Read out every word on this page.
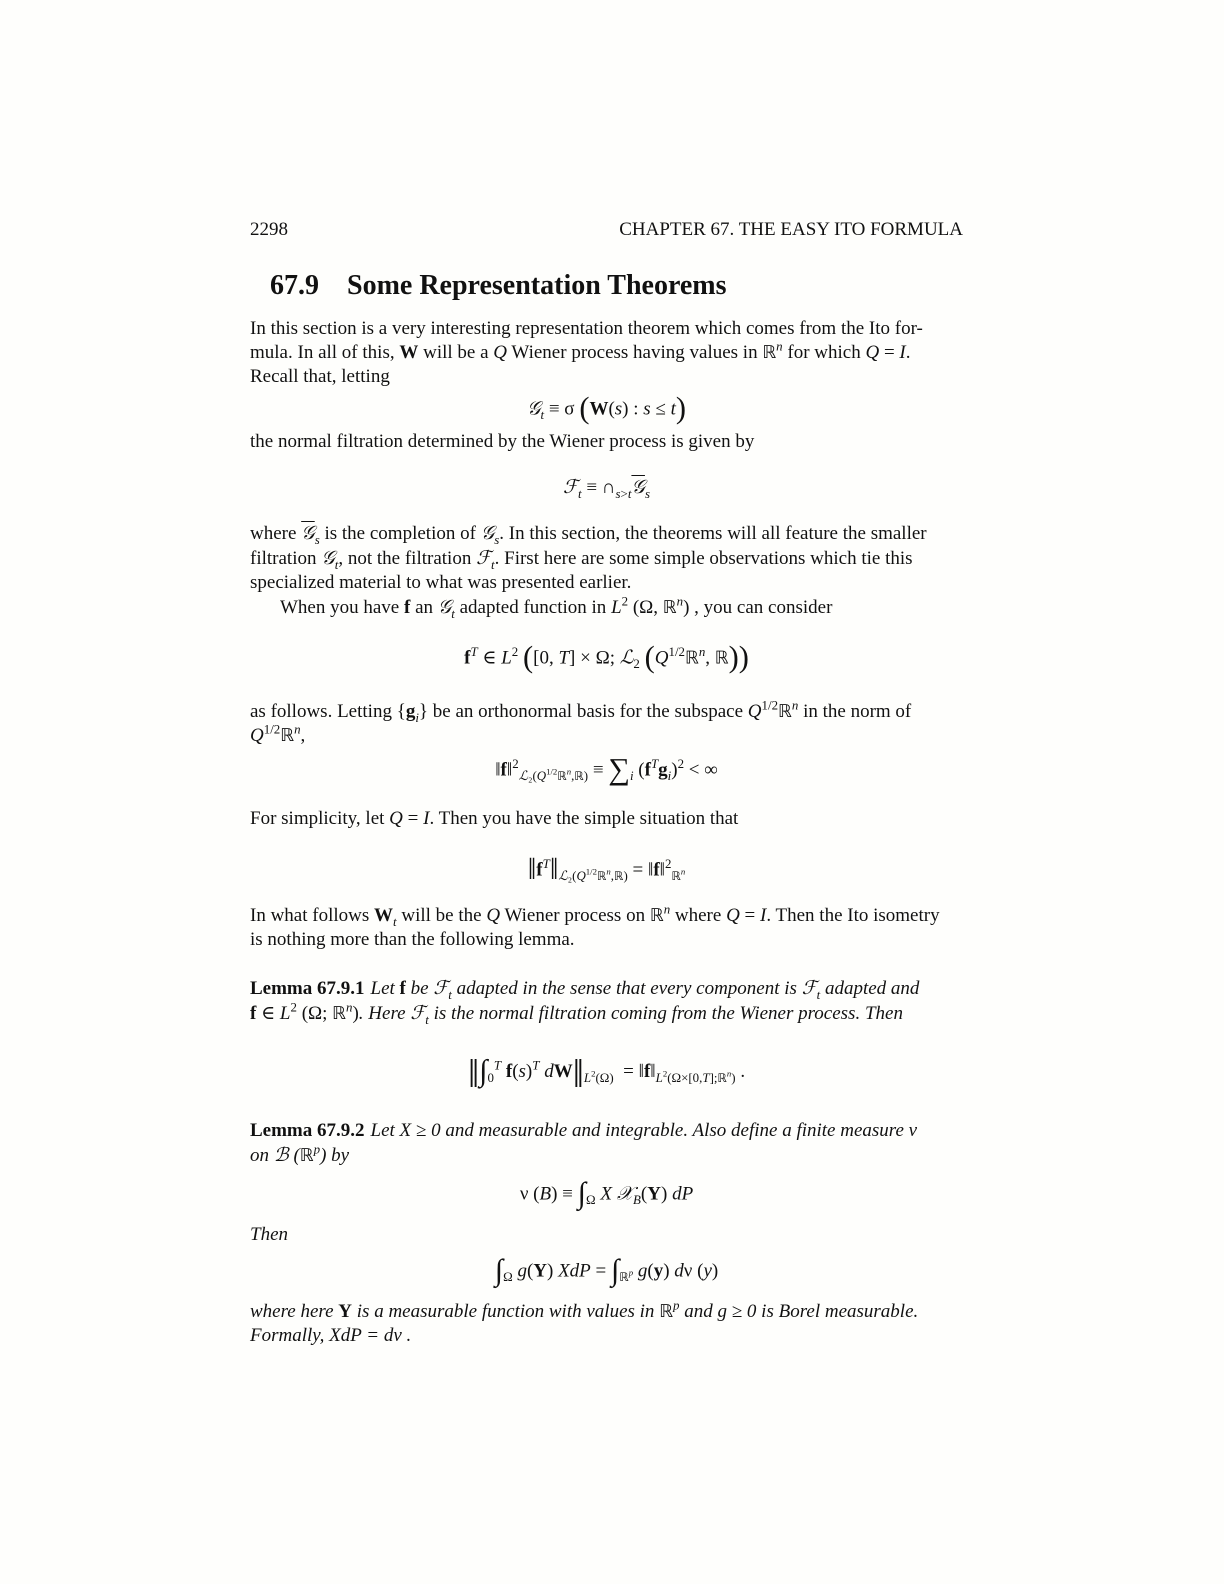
2298	CHAPTER 67. THE EASY ITO FORMULA
67.9 Some Representation Theorems
In this section is a very interesting representation theorem which comes from the Ito for-
mula. In all of this, W will be a Q Wiener process having values in ℝ$^n$ for which Q = I.
Recall that, letting
𝒢$_t$ ≡ σ (W(s) : s ≤ t)
the normal filtration determined by the Wiener process is given by
ℱ$_t$ ≡ $\cap_{s>t}𝒢_s$
where 𝒢$_s$ is the completion of 𝒢$_s$. In this section, the theorems will all feature the smaller
filtration 𝒢$_t$, not the filtration ℱ$_t$. First here are some simple observations which tie this
specialized material to what was presented earlier.
When you have f an 𝒢$_t$ adapted function in $L^2$ (Ω, ℝ$^n$) , you can consider
$f^T$ ∈ $L^2$ ([0, T] × Ω; ℒ$_2$ ($Q^{1/2}ℝ^n$, ℝ))
as follows. Letting $\{g_i\}$ be an orthonormal basis for the subspace $Q^{1/2}ℝ^n$ in the norm of
$Q^{1/2}ℝ^n$,
‖f‖$^2_{ℒ_2(Q^{1/2}ℝ^n,ℝ)}$ ≡ $\sum_i$ $(f^Tg_i)^2$ < ∞
For simplicity, let Q = I. Then you have the simple situation that
$‖f^T‖_{ℒ_2(Q^{1/2}ℝ^n,ℝ)}$ = ‖f‖$^2_{ℝ^n}$
In what follows $W_t$ will be the Q Wiener process on ℝ$^n$ where Q = I. Then the Ito isometry
is nothing more than the following lemma.
Lemma 67.9.1 Let f be ℱ$_t$ adapted in the sense that every component is ℱ$_t$ adapted and
f ∈ $L^2$ (Ω; ℝ$^n$). Here ℱ$_t$ is the normal filtration coming from the Wiener process. Then
$‖\int_0^T$ $f(s)^T$ $dW‖_{L^2(\Omega)}$  = $‖f‖_{L^2(\Omega\times[0,T];ℝ^n)}$ .
Lemma 67.9.2 Let X ≥ 0 and measurable and integrable. Also define a finite measure ν
on ℬ (ℝ$^p$) by
ν $(B) \equiv \int_\Omega$ X 𝒳$_B$(Y) dP
Then
$\int_\Omega$ g(Y) XdP = $\int_{ℝ^p}$ g(y) dν (y)
where here Y is a measurable function with values in ℝ$^p$ and g ≥ 0 is Borel measurable.
Formally, XdP = dν .
